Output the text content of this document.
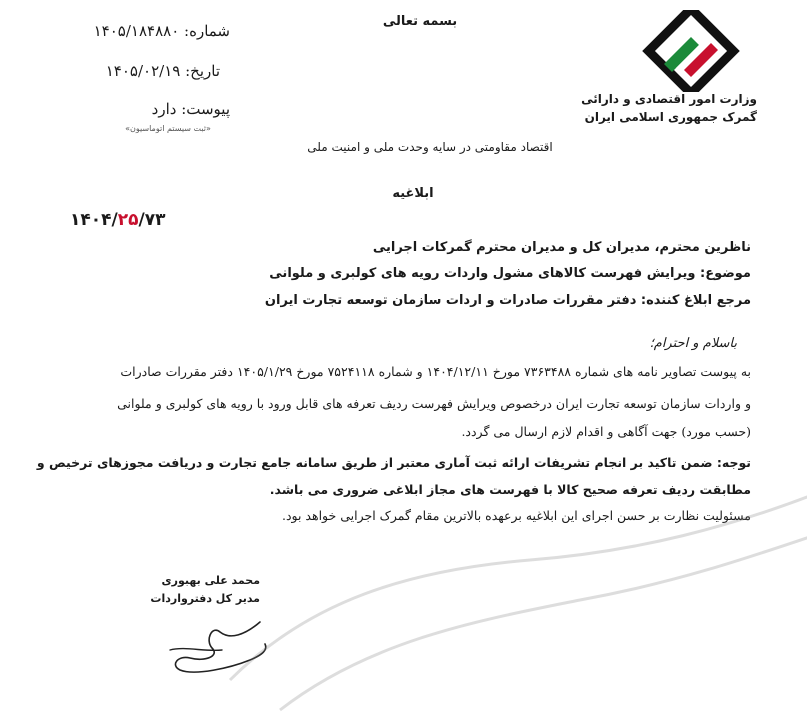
بسمه تعالی
وزارت امور اقتصادی و دارائی
گمرک جمهوری اسلامی ایران
شماره: ۱۴۰۵/۱۸۴۸۸۰
تاریخ: ۱۴۰۵/۰۲/۱۹
پیوست: دارد
«ثبت سیستم اتوماسیون»
اقتصاد مقاومتی در سایه وحدت ملی و امنیت ملی
ابلاغیه
۱۴۰۴/۲۵/۷۳
ناظرین محترم، مدیران کل و مدیران محترم گمرکات اجرایی
موضوع: ویرایش فهرست کالاهای مشول واردات رویه های کولبری و ملوانی
مرجع ابلاغ کننده: دفتر مقررات صادرات و اردات سازمان توسعه تجارت ایران
باسلام و احترام؛
به پیوست تصاویر نامه های شماره ۷۳۶۳۴۸۸ مورخ ۱۴۰۴/۱۲/۱۱ و شماره ۷۵۲۴۱۱۸ مورخ ۱۴۰۵/۱/۲۹ دفتر مقررات صادرات
و واردات سازمان توسعه تجارت ایران درخصوص ویرایش فهرست ردیف تعرفه های قابل ورود با رویه های کولبری و ملوانی
(حسب مورد) جهت آگاهی و اقدام لازم ارسال می گردد.
توجه: ضمن تاکید بر انجام تشریفات ارائه ثبت آماری معتبر از طریق سامانه جامع تجارت و دریافت مجوزهای ترخیص و
مطابقت ردیف تعرفه صحیح کالا با فهرست های مجاز ابلاغی ضروری می باشد.
مسئولیت نظارت بر حسن اجرای این ابلاغیه برعهده بالاترین مقام گمرک اجرایی خواهد بود.
محمد علی بهبوری
مدیر کل دفترواردات
